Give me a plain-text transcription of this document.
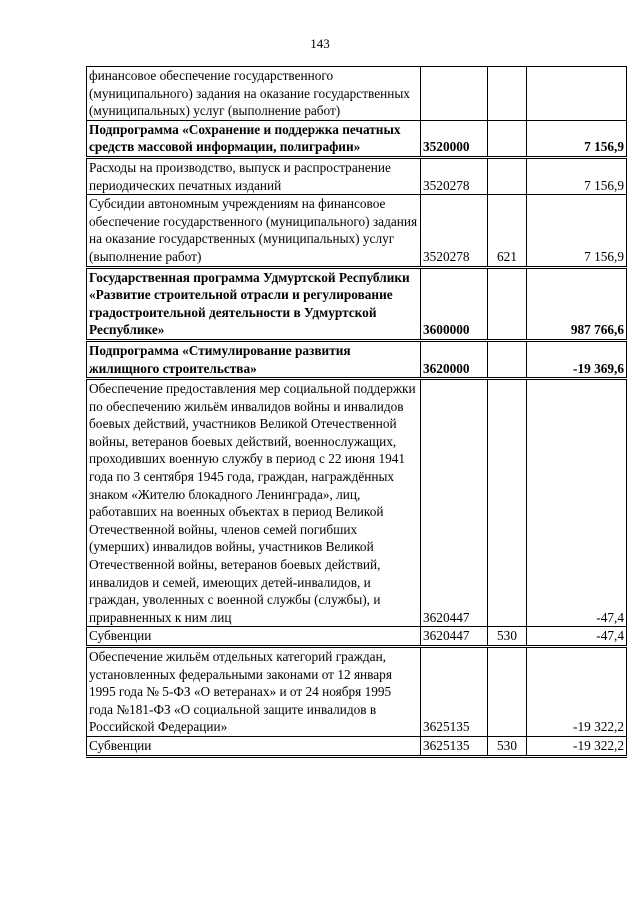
143
финансовое обеспечение государственного (муниципального) задания на оказание государственных (муниципальных) услуг (выполнение работ)			
Подпрограмма «Сохранение и поддержка печатных средств массовой информации, полиграфии»	3520000		7 156,9
Расходы на производство, выпуск и распространение периодических печатных изданий	3520278		7 156,9
Субсидии автономным учреждениям на финансовое обеспечение государственного (муниципального) задания на оказание государственных (муниципальных) услуг (выполнение работ)	3520278	621	7 156,9
Государственная программа Удмуртской Республики «Развитие строительной отрасли и регулирование градостроительной деятельности в Удмуртской Республике»	3600000		987 766,6
Подпрограмма «Стимулирование развития жилищного строительства»	3620000		-19 369,6
Обеспечение предоставления мер социальной поддержки по обеспечению жильём инвалидов войны и инвалидов боевых действий, участников Великой Отечественной войны, ветеранов боевых действий, военнослужащих, проходивших военную службу в период с 22 июня 1941 года по 3 сентября 1945 года, граждан, награждённых знаком «Жителю блокадного Ленинграда», лиц, работавших на военных объектах в период Великой Отечественной войны, членов семей погибших (умерших) инвалидов войны, участников Великой Отечественной войны, ветеранов боевых действий, инвалидов и семей, имеющих детей-инвалидов, и граждан, уволенных с военной службы (службы), и приравненных к ним лиц	3620447		-47,4
Субвенции	3620447	530	-47,4
Обеспечение жильём отдельных категорий граждан, установленных федеральными законами от 12 января 1995 года № 5-ФЗ «О ветеранах» и от 24 ноября 1995 года №181-ФЗ «О социальной защите инвалидов в Российской Федерации»	3625135		-19 322,2
Субвенции	3625135	530	-19 322,2
